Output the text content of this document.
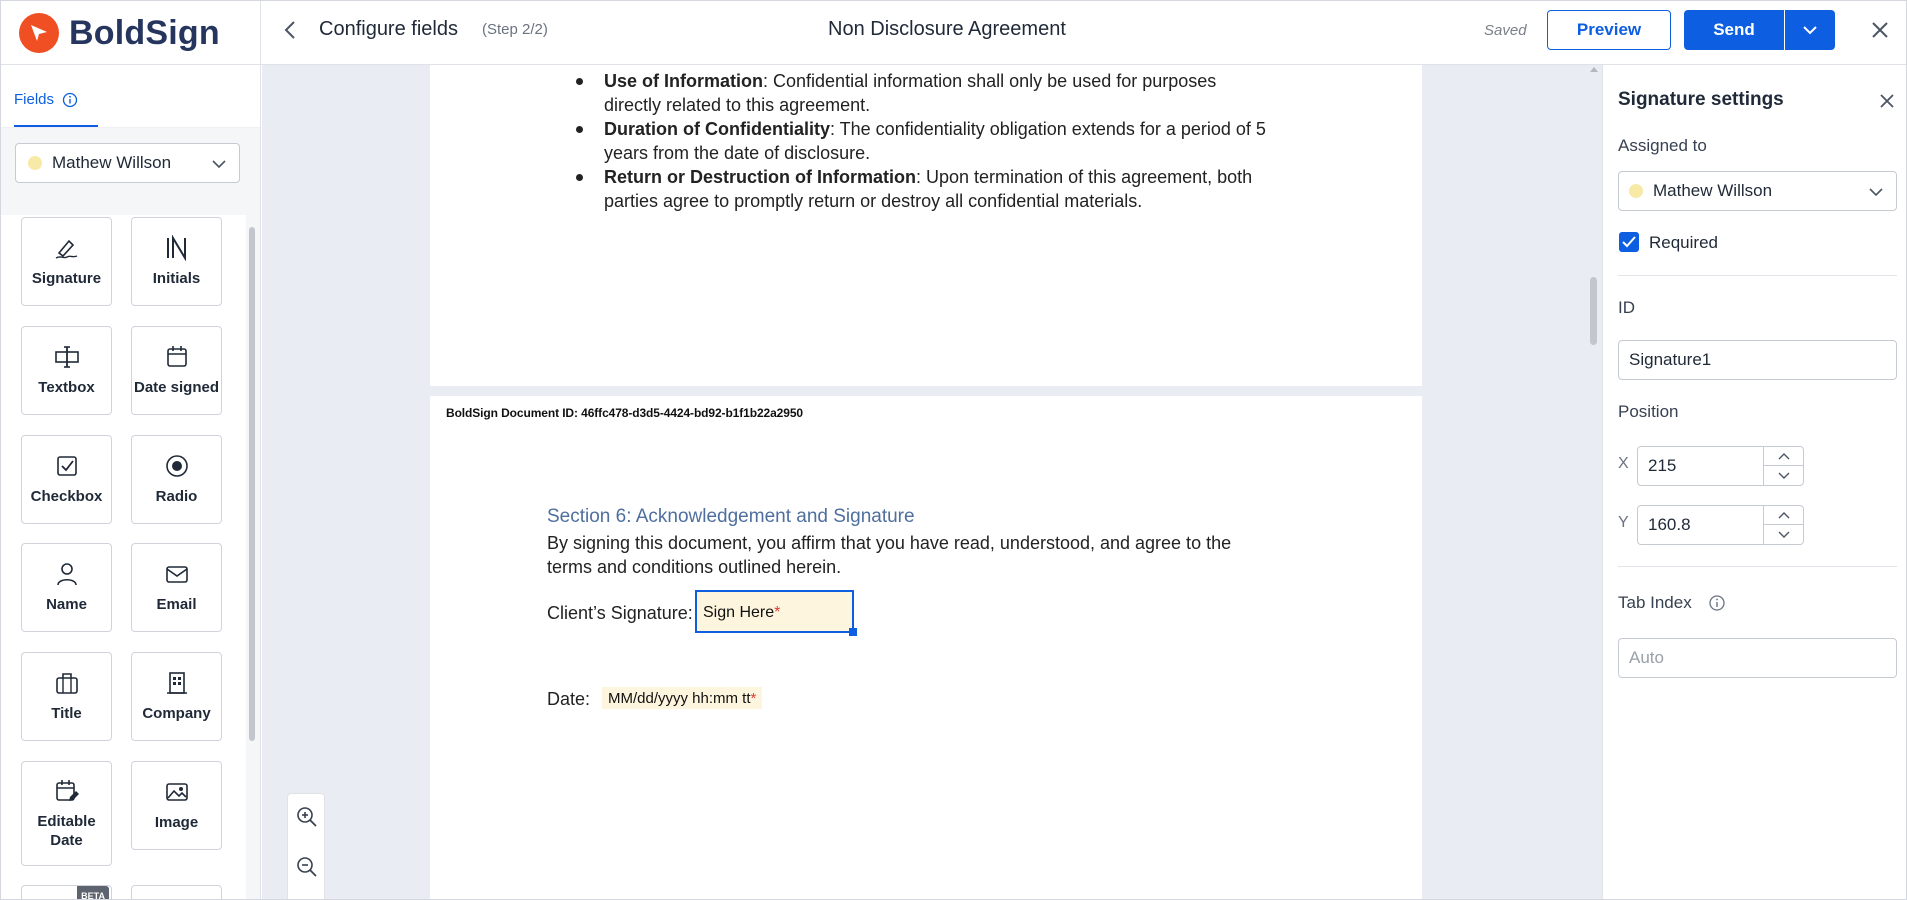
BoldSign	Configure fields (Step 2/2)	Non Disclosure Agreement	Saved	Preview	Send
Fields
Mathew Willson
Signature	Initials
Textbox	Date signed
Checkbox	Radio
Name	Email
Title	Company
Editable Date
Image
BETA
Use of Information: Confidential information shall only be used for purposes directly related to this agreement.
Duration of Confidentiality: The confidentiality obligation extends for a period of 5 years from the date of disclosure.
Return or Destruction of Information: Upon termination of this agreement, both parties agree to promptly return or destroy all confidential materials.
BoldSign Document ID: 46ffc478-d3d5-4424-bd92-b1f1b22a2950
Section 6: Acknowledgement and Signature
By signing this document, you affirm that you have read, understood, and agree to the terms and conditions outlined herein.
Client’s Signature: Sign Here*
Date:	MM/dd/yyyy hh:mm tt*
Signature settings
Assigned to
Mathew Willson
Required
ID
Signature1
Position
X
215
Y
160.8
Tab Index
Auto
